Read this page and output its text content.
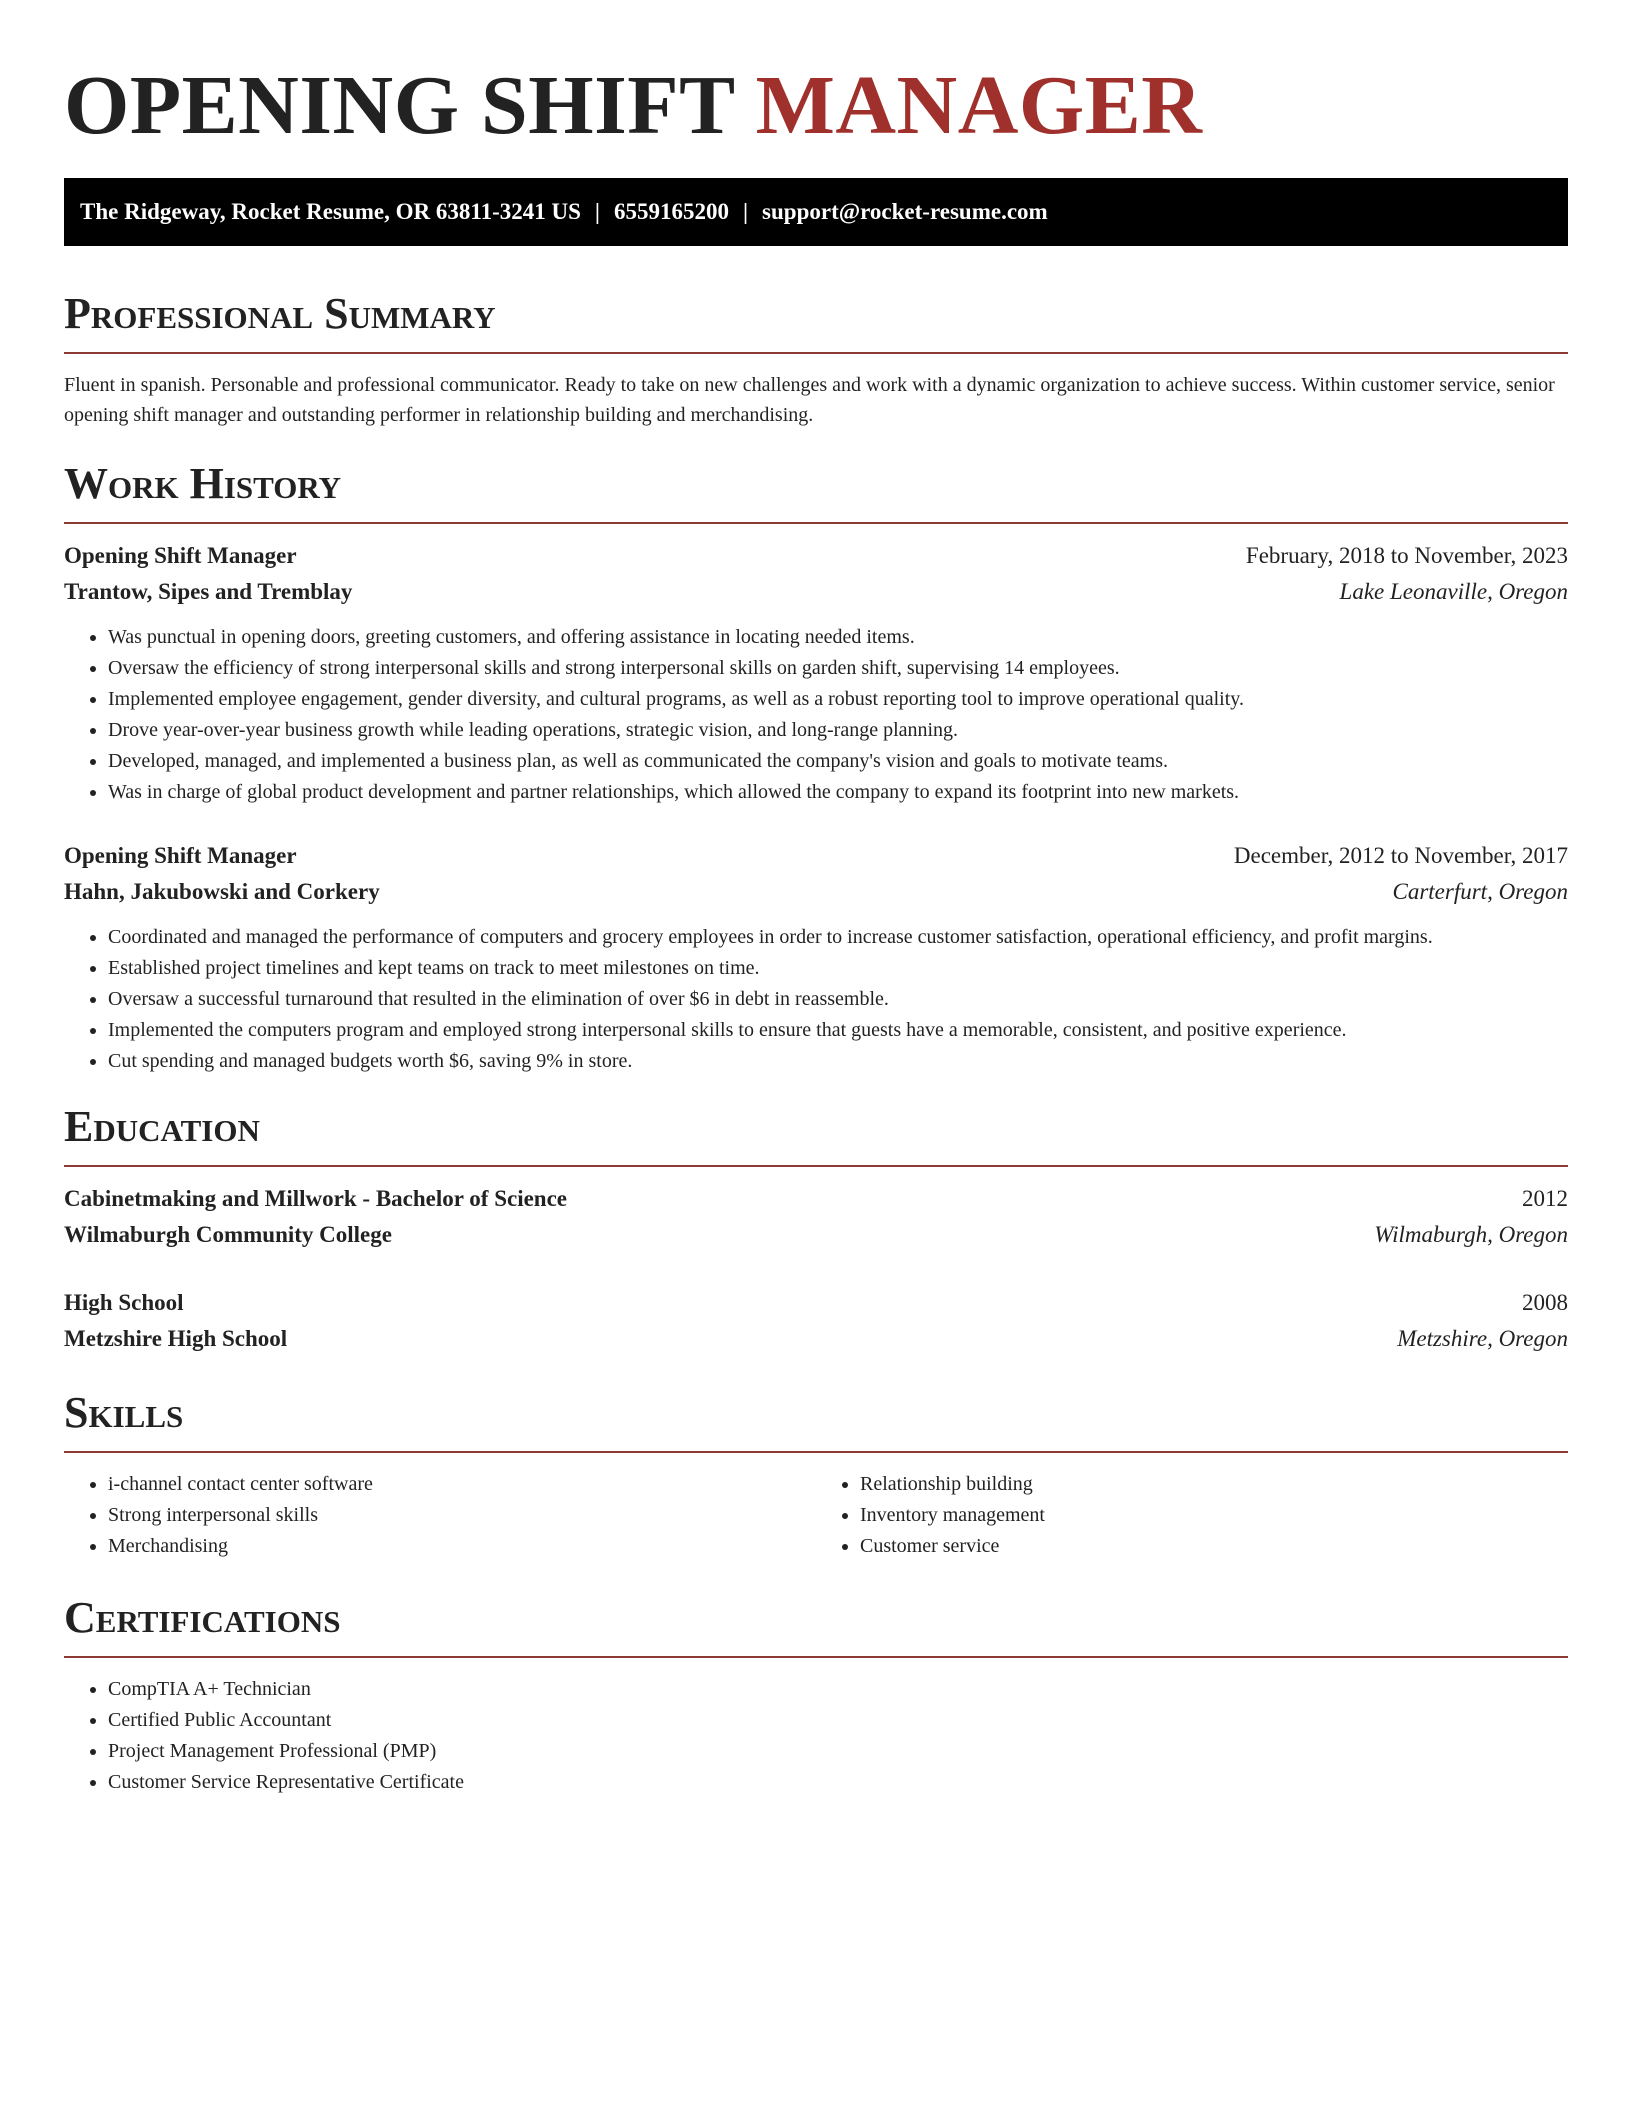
OPENING SHIFT MANAGER
The Ridgeway, Rocket Resume, OR 63811-3241 US | 6559165200 | support@rocket-resume.com
Professional Summary
Fluent in spanish. Personable and professional communicator. Ready to take on new challenges and work with a dynamic organization to achieve success. Within customer service, senior opening shift manager and outstanding performer in relationship building and merchandising.
Work History
Opening Shift Manager	February, 2018 to November, 2023
Trantow, Sipes and Tremblay	Lake Leonaville, Oregon
• Was punctual in opening doors, greeting customers, and offering assistance in locating needed items.
• Oversaw the efficiency of strong interpersonal skills and strong interpersonal skills on garden shift, supervising 14 employees.
• Implemented employee engagement, gender diversity, and cultural programs, as well as a robust reporting tool to improve operational quality.
• Drove year-over-year business growth while leading operations, strategic vision, and long-range planning.
• Developed, managed, and implemented a business plan, as well as communicated the company's vision and goals to motivate teams.
• Was in charge of global product development and partner relationships, which allowed the company to expand its footprint into new markets.
Opening Shift Manager	December, 2012 to November, 2017
Hahn, Jakubowski and Corkery	Carterfurt, Oregon
• Coordinated and managed the performance of computers and grocery employees in order to increase customer satisfaction, operational efficiency, and profit margins.
• Established project timelines and kept teams on track to meet milestones on time.
• Oversaw a successful turnaround that resulted in the elimination of over $6 in debt in reassemble.
• Implemented the computers program and employed strong interpersonal skills to ensure that guests have a memorable, consistent, and positive experience.
• Cut spending and managed budgets worth $6, saving 9% in store.
Education
Cabinetmaking and Millwork - Bachelor of Science	2012
Wilmaburgh Community College	Wilmaburgh, Oregon
High School	2008
Metzshire High School	Metzshire, Oregon
Skills
• i-channel contact center software
• Strong interpersonal skills
• Merchandising
• Relationship building
• Inventory management
• Customer service
Certifications
• CompTIA A+ Technician
• Certified Public Accountant
• Project Management Professional (PMP)
• Customer Service Representative Certificate
